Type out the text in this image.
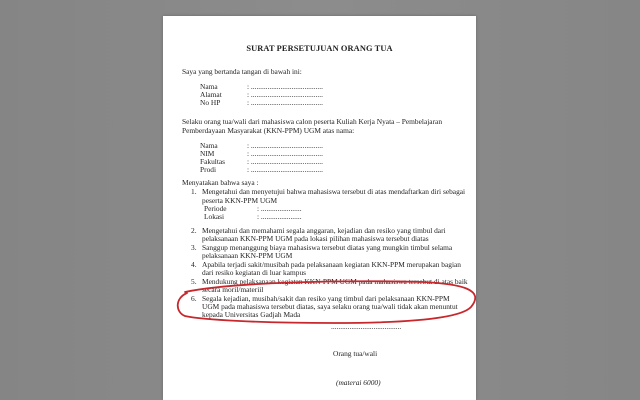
SURAT PERSETUJUAN ORANG TUA
Saya yang bertanda tangan di bawah ini:
Nama	: .......................................
Alamat	: .......................................
No HP	: .......................................
Selaku orang tua/wali dari mahasiswa calon peserta Kuliah Kerja Nyata – Pembelajaran
Pemberdayaan Masyarakat (KKN-PPM) UGM atas nama:
Nama	: .......................................
NIM	: .......................................
Fakultas	: .......................................
Prodi	: .......................................
Menyatakan bahwa saya :
1. Mengetahui dan menyetujui bahwa mahasiswa tersebut di atas mendaftarkan diri sebagai
peserta KKN-PPM UGM
Periode	: ......................
Lokasi	: ......................
2. Mengetahui dan memahami segala anggaran, kejadian dan resiko yang timbul dari
pelaksanaan KKN-PPM UGM pada lokasi pilihan mahasiswa tersebut diatas
3. Sanggup menanggung biaya mahasiswa tersebut diatas yang mungkin timbul selama
pelaksanaan KKN-PPM UGM
4. Apabila terjadi sakit/musibah pada pelaksanaan kegiatan KKN-PPM merupakan bagian
dari resiko kegiatan di luar kampus
5. Mendukung pelaksanaan kegiatan KKN-PPM UGM pada mahasiswa tersebut di atas baik
secara moril/materiil
6. Segala kejadian, musibah/sakit dan resiko yang timbul dari pelaksanaan KKN-PPM
UGM pada mahasiswa tersebut diatas, saya selaku orang tua/wali tidak akan menuntut
kepada Universitas Gadjah Mada
......................................
Orang tua/wali
(materai 6000)
